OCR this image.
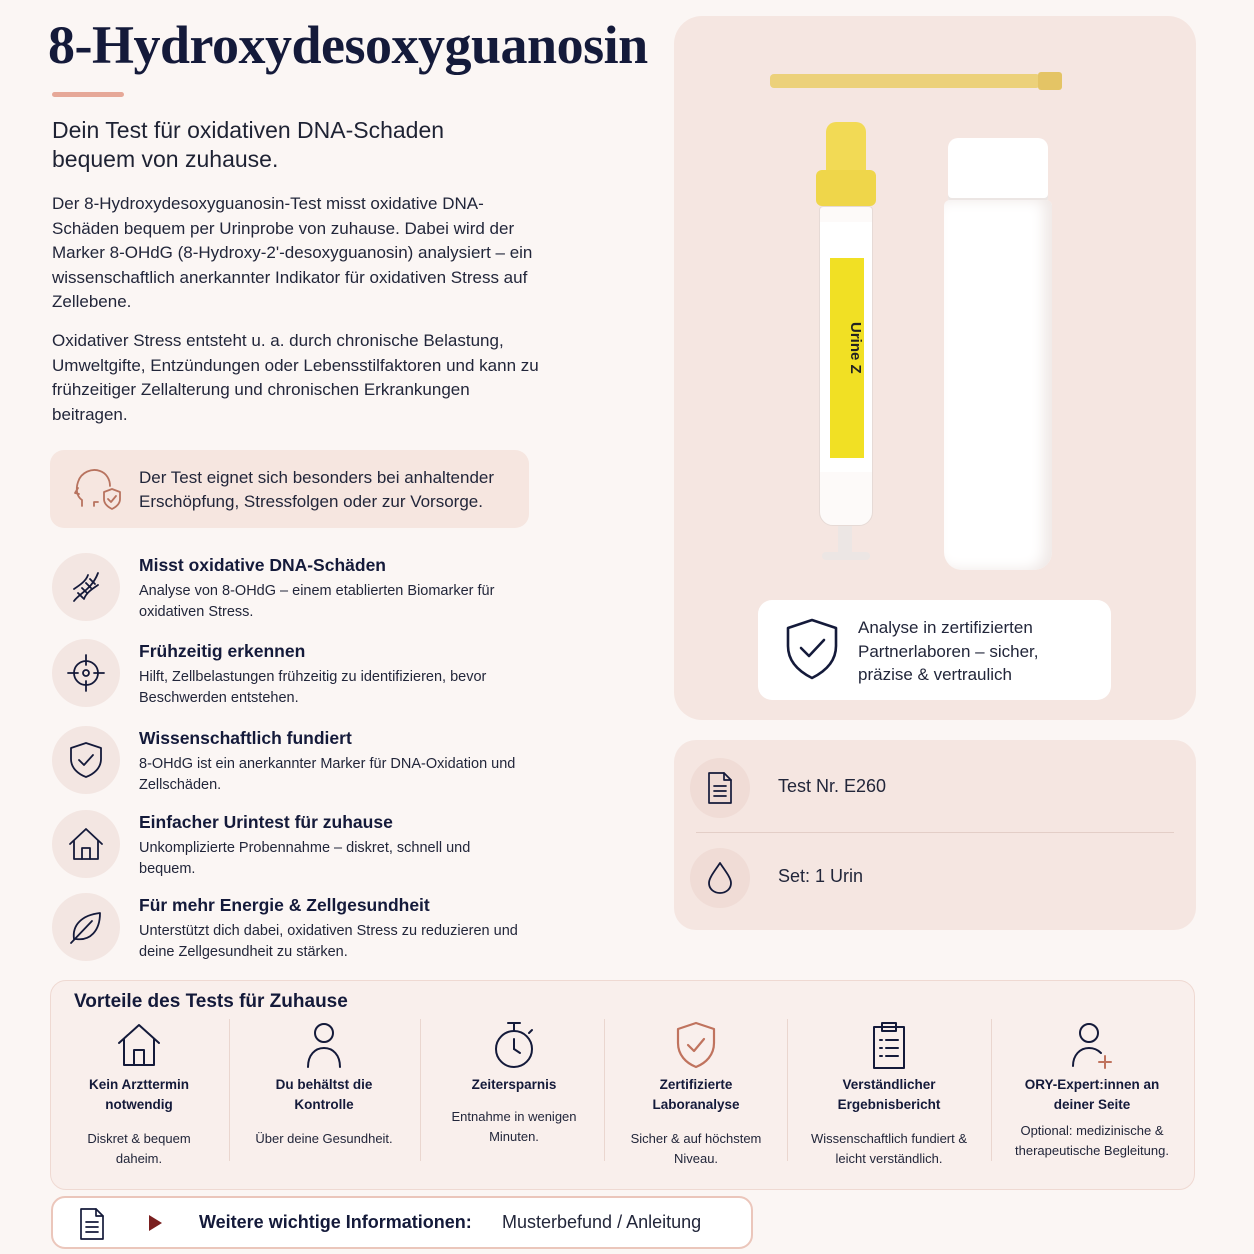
8-Hydroxydesoxyguanosin
Dein Test für oxidativen DNA-Schaden bequem von zuhause.
Der 8-Hydroxydesoxyguanosin-Test misst oxidative DNA-Schäden bequem per Urinprobe von zuhause. Dabei wird der Marker 8-OHdG (8-Hydroxy-2'-desoxyguanosin) analysiert – ein wissenschaftlich anerkannter Indikator für oxidativen Stress auf Zellebene.
Oxidativer Stress entsteht u. a. durch chronische Belastung, Umweltgifte, Entzündungen oder Lebensstilfaktoren und kann zu frühzeitiger Zellalterung und chronischen Erkrankungen beitragen.
Der Test eignet sich besonders bei anhaltender Erschöpfung, Stressfolgen oder zur Vorsorge.
Misst oxidative DNA-Schäden
Analyse von 8-OHdG – einem etablierten Biomarker für oxidativen Stress.
Frühzeitig erkennen
Hilft, Zellbelastungen frühzeitig zu identifizieren, bevor Beschwerden entstehen.
Wissenschaftlich fundiert
8-OHdG ist ein anerkannter Marker für DNA-Oxidation und Zellschäden.
Einfacher Urintest für zuhause
Unkomplizierte Probennahme – diskret, schnell und bequem.
Für mehr Energie & Zellgesundheit
Unterstützt dich dabei, oxidativen Stress zu reduzieren und deine Zellgesundheit zu stärken.
Urine Z
Analyse in zertifizierten Partnerlaboren – sicher, präzise & vertraulich
Test Nr. E260
Set: 1 Urin
Vorteile des Tests für Zuhause
Kein Arzttermin notwendig
Diskret & bequem daheim.
Du behältst die Kontrolle
Über deine Gesundheit.
Zeitersparnis
Entnahme in wenigen Minuten.
Zertifizierte Laboranalyse
Sicher & auf höchstem Niveau.
Verständlicher Ergebnisbericht
Wissenschaftlich fundiert & leicht verständlich.
ORY-Expert:innen an deiner Seite
Optional: medizinische & therapeutische Begleitung.
Weitere wichtige Informationen: Musterbefund / Anleitung
